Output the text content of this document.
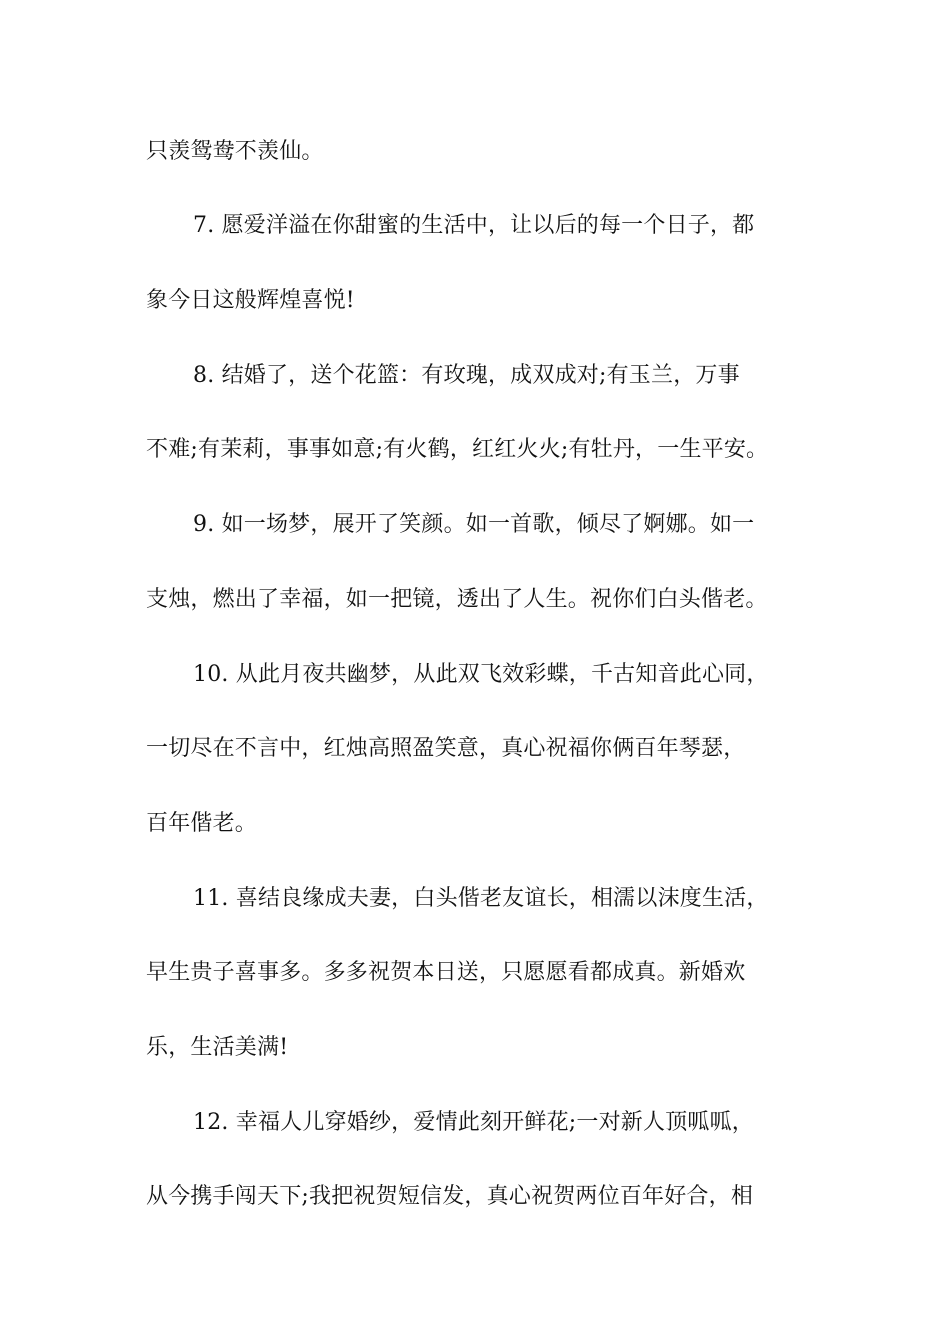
只羡鸳鸯不羡仙。
7. 愿爱洋溢在你甜蜜的生活中，让以后的每一个日子，都
象今日这般辉煌喜悦!
8. 结婚了，送个花篮：有玫瑰，成双成对;有玉兰，万事
不难;有茉莉，事事如意;有火鹤，红红火火;有牡丹，一生平安。
9. 如一场梦，展开了笑颜。如一首歌，倾尽了婀娜。如一
支烛，燃出了幸福，如一把镜，透出了人生。祝你们白头偕老。
10. 从此月夜共幽梦，从此双飞效彩蝶，千古知音此心同，
一切尽在不言中，红烛高照盈笑意，真心祝福你俩百年琴瑟，
百年偕老。
11. 喜结良缘成夫妻，白头偕老友谊长，相濡以沫度生活，
早生贵子喜事多。多多祝贺本日送，只愿愿看都成真。新婚欢
乐，生活美满!
12. 幸福人儿穿婚纱，爱情此刻开鲜花;一对新人顶呱呱，
从今携手闯天下;我把祝贺短信发，真心祝贺两位百年好合，相
